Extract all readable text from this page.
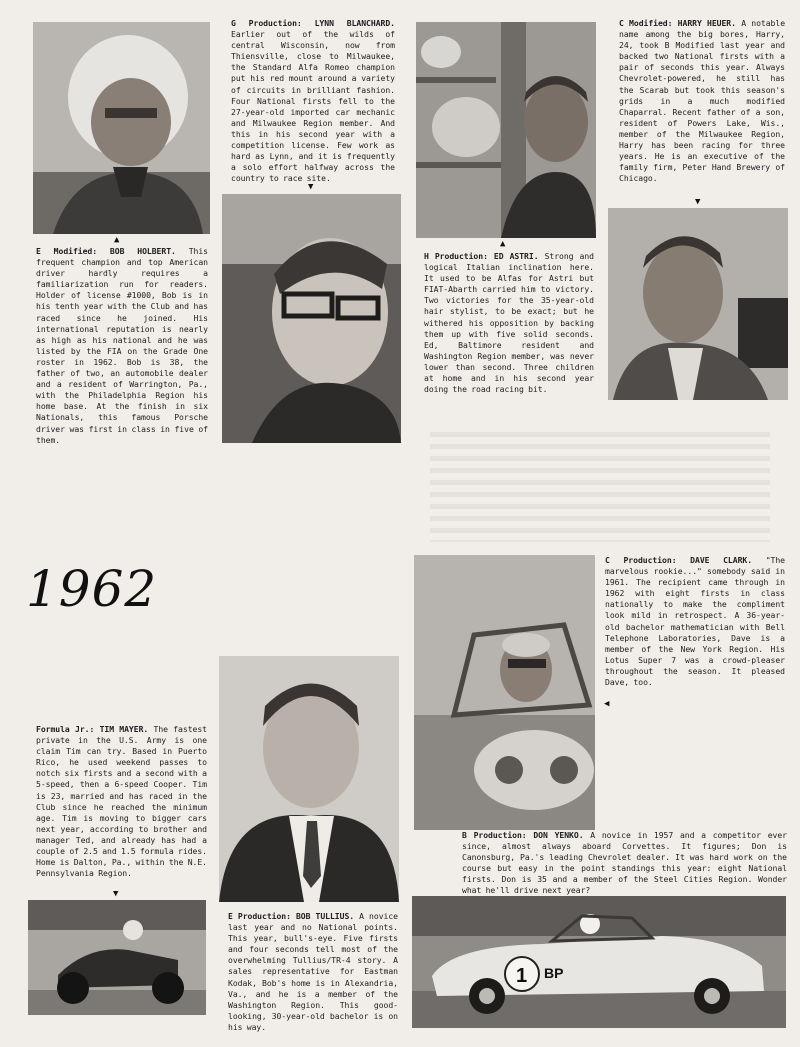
▲
E Modified: BOB HOLBERT. This frequent champion and top American driver hardly requires a familiarization run for readers. Holder of license #1000, Bob is in his tenth year with the Club and has raced since he joined. His international reputation is nearly as high as his national and he was listed by the FIA on the Grade One roster in 1962. Bob is 38, the father of two, an automobile dealer and a resident of Warrington, Pa., with the Philadelphia Region his home base. At the finish in six Nationals, this famous Porsche driver was first in class in five of them.
G Production: LYNN BLANCHARD. Earlier out of the wilds of central Wisconsin, now from Thiensville, close to Milwaukee, the Standard Alfa Romeo champion put his red mount around a variety of circuits in brilliant fashion. Four National firsts fell to the 27-year-old imported car mechanic and Milwaukee Region member. And this in his second year with a competition license. Few work as hard as Lynn, and it is frequently a solo effort halfway across the country to race site.
▼
▲
H Production: ED ASTRI. Strong and logical Italian inclination here. It used to be Alfas for Astri but FIAT-Abarth carried him to victory. Two victories for the 35-year-old hair stylist, to be exact; but he withered his opposition by backing them up with five solid seconds. Ed, Baltimore resident and Washington Region member, was never lower than second. Three children at home and in his second year doing the road racing bit.
C Modified: HARRY HEUER. A notable name among the big bores, Harry, 24, took B Modified last year and backed two National firsts with a pair of seconds this year. Always Chevrolet-powered, he still has the Scarab but took this season's grids in a much modified Chaparral. Recent father of a son, resident of Powers Lake, Wis., member of the Milwaukee Region, Harry has been racing for three years. He is an executive of the family firm, Peter Hand Brewery of Chicago.
▼
1962	C Production: DAVE CLARK. "The marvelous rookie..." somebody said in 1961. The recipient came through in 1962 with eight firsts in class nationally to make the compliment look mild in retrospect. A 36-year-old bachelor mathematician with Bell Telephone Laboratories, Dave is a member of the New York Region. His Lotus Super 7 was a crowd-pleaser throughout the season. It pleased Dave, too.
◀
Formula Jr.: TIM MAYER. The fastest private in the U.S. Army is one claim Tim can try. Based in Puerto Rico, he used weekend passes to notch six firsts and a second with a 5-speed, then a 6-speed Cooper. Tim is 23, married and has raced in the Club since he reached the minimum age. Tim is moving to bigger cars next year, according to brother and manager Ted, and already has had a couple of 2.5 and 1.5 formula rides. Home is Dalton, Pa., within the N.E. Pennsylvania Region.
▼
E Production: BOB TULLIUS. A novice last year and no National points. This year, bull's-eye. Five firsts and four seconds tell most of the overwhelming Tullius/TR-4 story. A sales representative for Eastman Kodak, Bob's home is in Alexandria, Va., and he is a member of the Washington Region. This good-looking, 30-year-old bachelor is on his way.
B Production: DON YENKO. A novice in 1957 and a competitor ever since, almost always aboard Corvettes. It figures; Don is Canonsburg, Pa.'s leading Chevrolet dealer. It was hard work on the course but easy in the point standings this year: eight National firsts. Don is 35 and a member of the Steel Cities Region. Wonder what he'll drive next year?
1 BP
